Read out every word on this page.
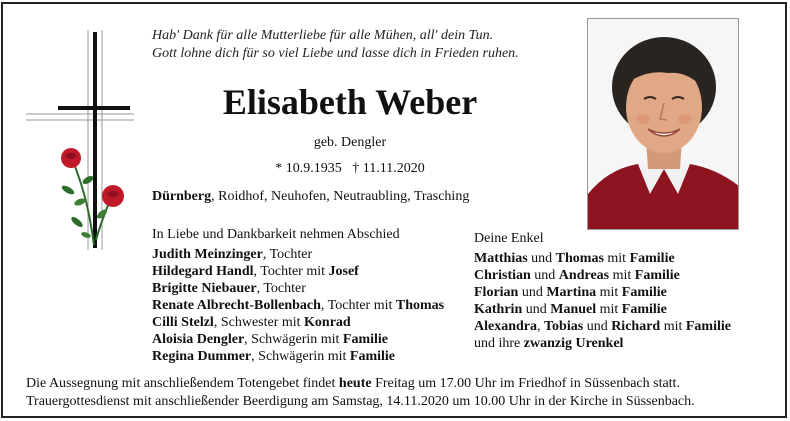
Hab' Dank für alle Mutterliebe für alle Mühen, all' dein Tun.
Gott lohne dich für so viel Liebe und lasse dich in Frieden ruhen.
Elisabeth Weber
geb. Dengler
* 10.9.1935   † 11.11.2020
Dürnberg, Roidhof, Neuhofen, Neutraubling, Trasching
In Liebe und Dankbarkeit nehmen Abschied
Judith Meinzinger, Tochter
Hildegard Handl, Tochter mit Josef
Brigitte Niebauer, Tochter
Renate Albrecht-Bollenbach, Tochter mit Thomas
Cilli Stelzl, Schwester mit Konrad
Aloisia Dengler, Schwägerin mit Familie
Regina Dummer, Schwägerin mit Familie
Deine Enkel
Matthias und Thomas mit Familie
Christian und Andreas mit Familie
Florian und Martina mit Familie
Kathrin und Manuel mit Familie
Alexandra, Tobias und Richard mit Familie
und ihre zwanzig Urenkel
Die Aussegnung mit anschließendem Totengebet findet heute Freitag um 17.00 Uhr im Friedhof in Süssenbach statt.
Trauergottesdienst mit anschließender Beerdigung am Samstag, 14.11.2020 um 10.00 Uhr in der Kirche in Süssenbach.
